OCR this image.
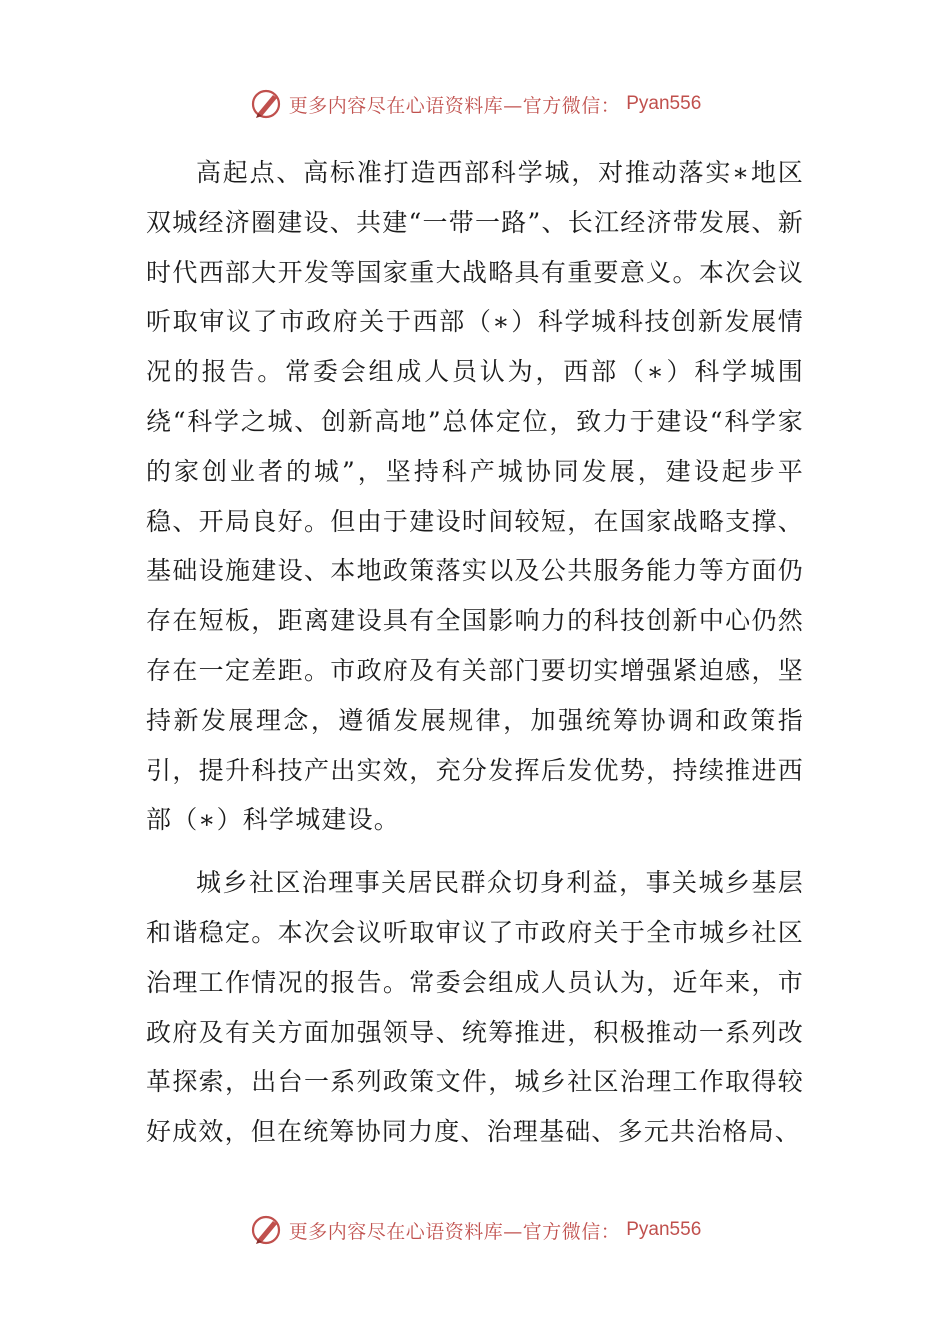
更多内容尽在心语资料库—官方微信： Pyan556

高起点、高标准打造西部科学城，对推动落实∗地区双城经济圈建设、共建“一带一路”、长江经济带发展、新时代西部大开发等国家重大战略具有重要意义。本次会议听取审议了市政府关于西部（∗）科学城科技创新发展情况的报告。常委会组成人员认为，西部（∗）科学城围绕“科学之城、创新高地”总体定位，致力于建设“科学家的家创业者的城”，坚持科产城协同发展，建设起步平稳、开局良好。但由于建设时间较短，在国家战略支撑、基础设施建设、本地政策落实以及公共服务能力等方面仍存在短板，距离建设具有全国影响力的科技创新中心仍然存在一定差距。市政府及有关部门要切实增强紧迫感，坚持新发展理念，遵循发展规律，加强统筹协调和政策指引，提升科技产出实效，充分发挥后发优势，持续推进西部（∗）科学城建设。

城乡社区治理事关居民群众切身利益，事关城乡基层和谐稳定。本次会议听取审议了市政府关于全市城乡社区治理工作情况的报告。常委会组成人员认为，近年来，市政府及有关方面加强领导、统筹推进，积极推动一系列改革探索，出台一系列政策文件，城乡社区治理工作取得较好成效，但在统筹协同力度、治理基础、多元共治格局、

更多内容尽在心语资料库—官方微信： Pyan556
